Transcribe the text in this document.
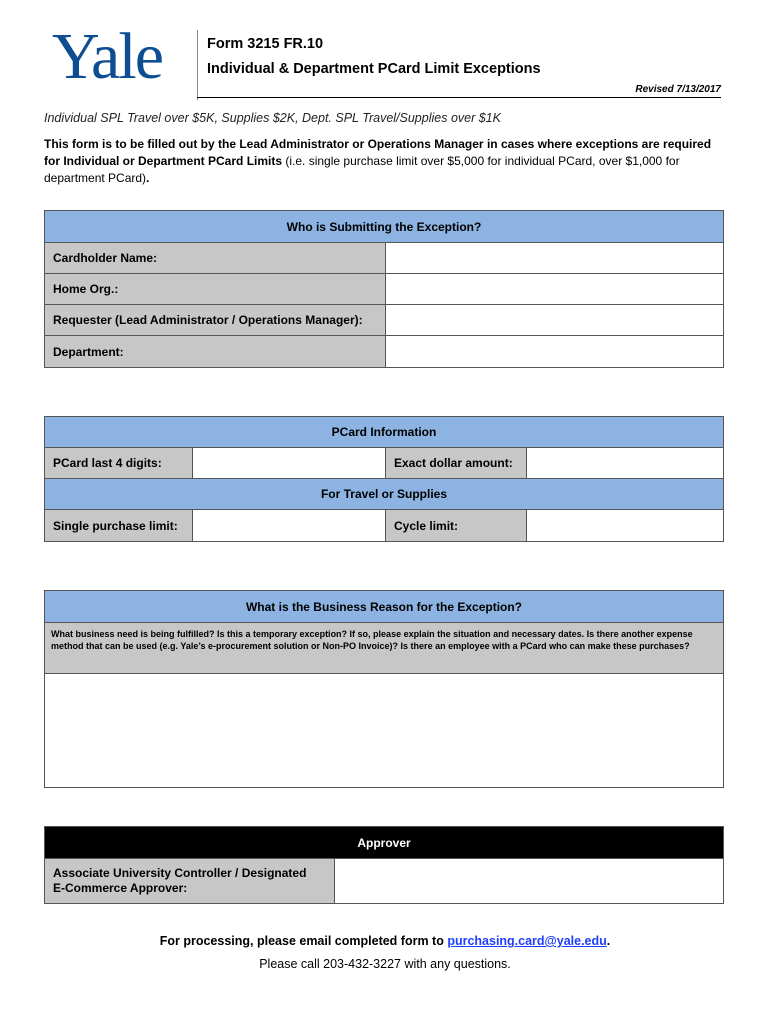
Yale	Form 3215 FR.10
Individual & Department PCard Limit Exceptions
Revised 7/13/2017
Individual SPL Travel over $5K, Supplies $2K, Dept. SPL Travel/Supplies over $1K
This form is to be filled out by the Lead Administrator or Operations Manager in cases where exceptions are required for Individual or Department PCard Limits (i.e. single purchase limit over $5,000 for individual PCard, over $1,000 for department PCard).
Who is Submitting the Exception?
Cardholder Name:
Home Org.:
Requester (Lead Administrator / Operations Manager):
Department:
PCard Information
PCard last 4 digits:	Exact dollar amount:
For Travel or Supplies
Single purchase limit:	Cycle limit:
What is the Business Reason for the Exception?
What business need is being fulfilled? Is this a temporary exception? If so, please explain the situation and necessary dates. Is there another expense method that can be used (e.g. Yale’s e-procurement solution or Non-PO Invoice)? Is there an employee with a PCard who can make these purchases?
Approver
Associate University Controller / Designated
E-Commerce Approver:
For processing, please email completed form to purchasing.card@yale.edu.
Please call 203-432-3227 with any questions.
